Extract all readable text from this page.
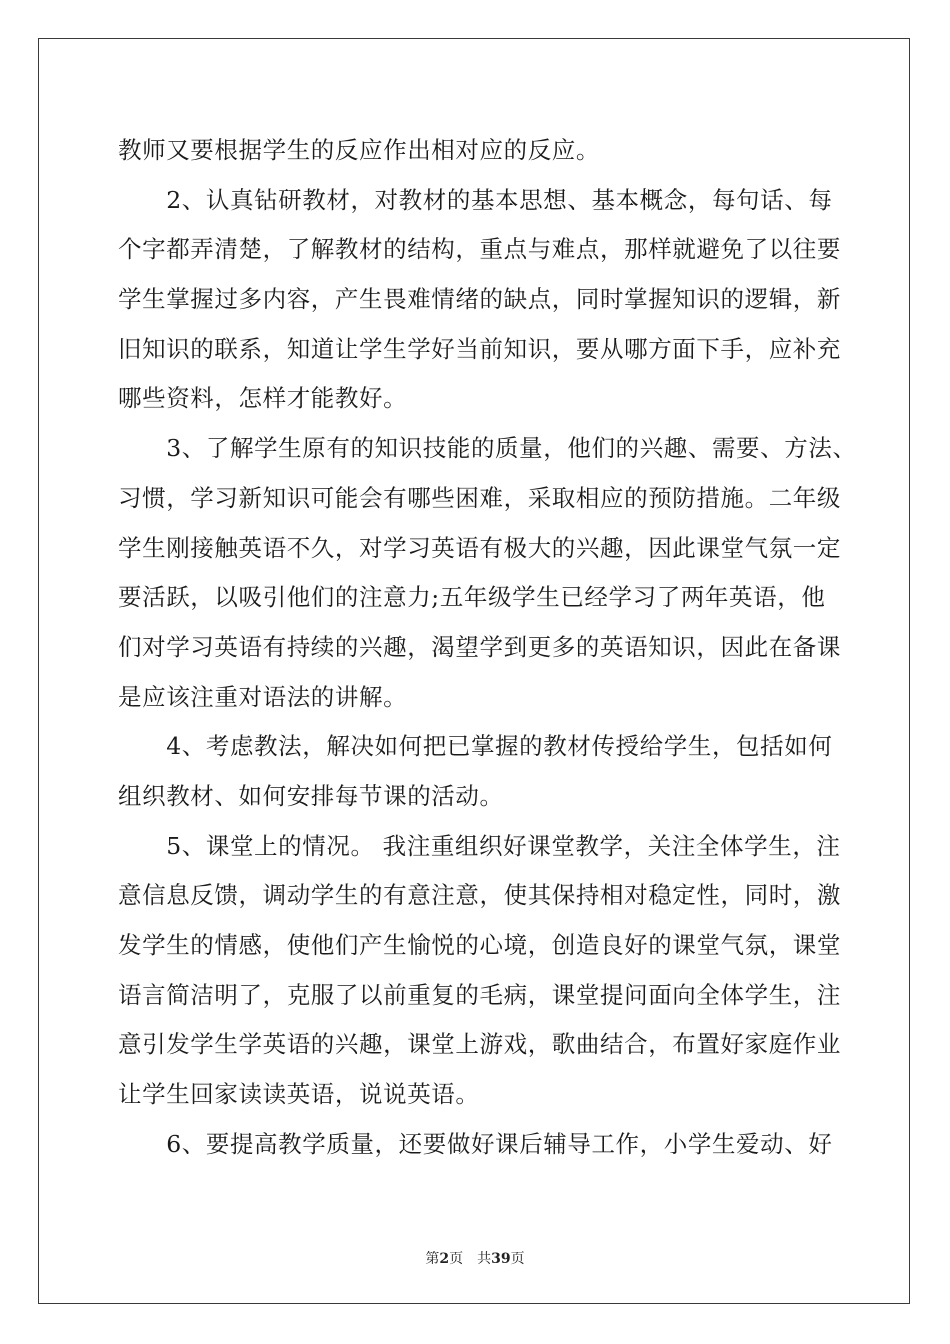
教师又要根据学生的反应作出相对应的反应。
　　2、认真钻研教材，对教材的基本思想、基本概念，每句话、每
个字都弄清楚，了解教材的结构，重点与难点，那样就避免了以往要
学生掌握过多内容，产生畏难情绪的缺点，同时掌握知识的逻辑，新
旧知识的联系，知道让学生学好当前知识，要从哪方面下手，应补充
哪些资料，怎样才能教好。
　　3、了解学生原有的知识技能的质量，他们的兴趣、需要、方法、
习惯，学习新知识可能会有哪些困难，采取相应的预防措施。二年级
学生刚接触英语不久，对学习英语有极大的兴趣，因此课堂气氛一定
要活跃，以吸引他们的注意力;五年级学生已经学习了两年英语，他
们对学习英语有持续的兴趣，渴望学到更多的英语知识，因此在备课
是应该注重对语法的讲解。
　　4、考虑教法，解决如何把已掌握的教材传授给学生，包括如何
组织教材、如何安排每节课的活动。
　　5、课堂上的情况。 我注重组织好课堂教学，关注全体学生，注
意信息反馈，调动学生的有意注意，使其保持相对稳定性，同时，激
发学生的情感，使他们产生愉悦的心境，创造良好的课堂气氛，课堂
语言简洁明了，克服了以前重复的毛病，课堂提问面向全体学生，注
意引发学生学英语的兴趣，课堂上游戏，歌曲结合，布置好家庭作业
让学生回家读读英语，说说英语。
　　6、要提高教学质量，还要做好课后辅导工作，小学生爱动、好
第2页 共39页
